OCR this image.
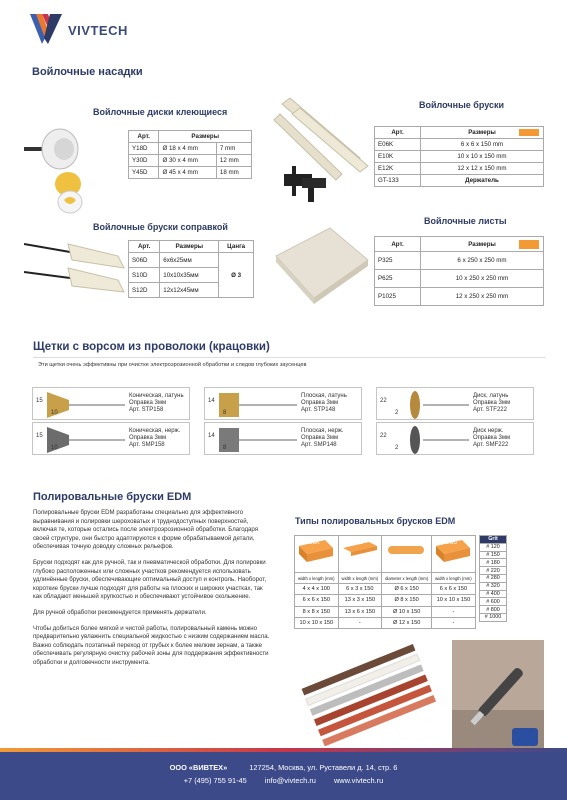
VIVTECH
Войлочные насадки
Войлочные диски клеющиеся
Арт.	Размеры	
Y18D	Ø 18 х 4 mm	7 mm
Y30D	Ø 30 х 4 mm	12 mm
Y45D	Ø 45 х 4 mm	18 mm
Войлочные бруски
Арт.	Размеры

E06K	6 x 6 x 150 mm
E10K	10 x 10 x 150 mm
E12K	12 x 12 x 150 mm
GT-133	Держатель
Войлочные бруски сoправкой
Арт.	Размеры	Цанга
S06D	6x6x25мм	Ø 3
S10D	10x10x35мм	
S12D	12x12x45мм	
Войлочные листы
Арт.	Размеры

P325	6 x 250 x 250 mm
P625	10 x 250 x 250 mm
P1025	12 x 250 x 250 mm
Щетки с ворсом из проволоки (крацовки)
Эти щетки очень эффективны при очистке электроэрозионной обработки и следов глубоких заусенцев
15
10
Коническая, латунь
Оправка 3мм
Арт. STP158
14
8
Плоская, латунь
Оправка 3мм
Арт. STP148
22
2
Диск, латунь
Оправка 3мм
Арт. STF222
15
10
Коническая, нерж.
Оправка 3мм
Арт. SMP158
14
8
Плоская, нерж.
Оправка 3мм
Арт. SMP148
22
2
Диск нерж.
Оправка 3мм
Арт. SMF222
Полировальные бруски EDM

Полировальные бруски EDM разработаны специально для эффективного выравнивания и полировки шероховатых и труднодоступных поверхностей, включая те, которые остались после электроэрозионной обработки. Благодаря своей структуре, они быстро адаптируются к форме обрабатываемой детали, обеспечивая точную доводку сложных рельефов.

Бруски подходят как для ручной, так и пневматической обработки. Для полировки глубоко расположенных или сложных участков рекомендуется использовать удлинённые бруски, обеспечивающие оптимальный доступ и контроль. Наоборот, короткие бруски лучше подходят для работы на плоских и широких участках, так как обладают меньшей хрупкостью и обеспечивают устойчивое скольжение.

Для ручной обработки рекомендуется применять держатели.

Чтобы добиться более мягкой и чистой работы, полировальный камень можно предварительно увлажнить специальной жидкостью с низким содержанием масла. Важно соблюдать поэтапный переход от грубых к более мелким зернам, а также обеспечивать регулярную очистку рабочей зоны для поддержания эффективности обработки и долговечности инструмента.

Типы полировальных брусков EDM
EGK	EGD	EGY	EGU

width x length (mm)	width x length (mm)	diameter x length (mm)	width x length (mm)
4 x 4 x 100	6 x 3 x 150	Ø 6 x 150	6 x 6 x 150
6 x 6 x 150	13 x 3 x 150	Ø 8 x 150	10 x 10 x 150
8 x 8 x 150	13 x 6 x 150	Ø 10 x 150	-
10 x 10 x 150	-	Ø 12 x 150	-
Grit
# 120
# 150
# 180
# 220
# 280
# 320
# 400
# 600
# 800
# 1000
ООО «ВИВТЕХ»	127254, Москва, ул. Руставели д. 14, стр. 6
+7 (495) 755 91-45 info@vivtech.ru www.vivtech.ru
